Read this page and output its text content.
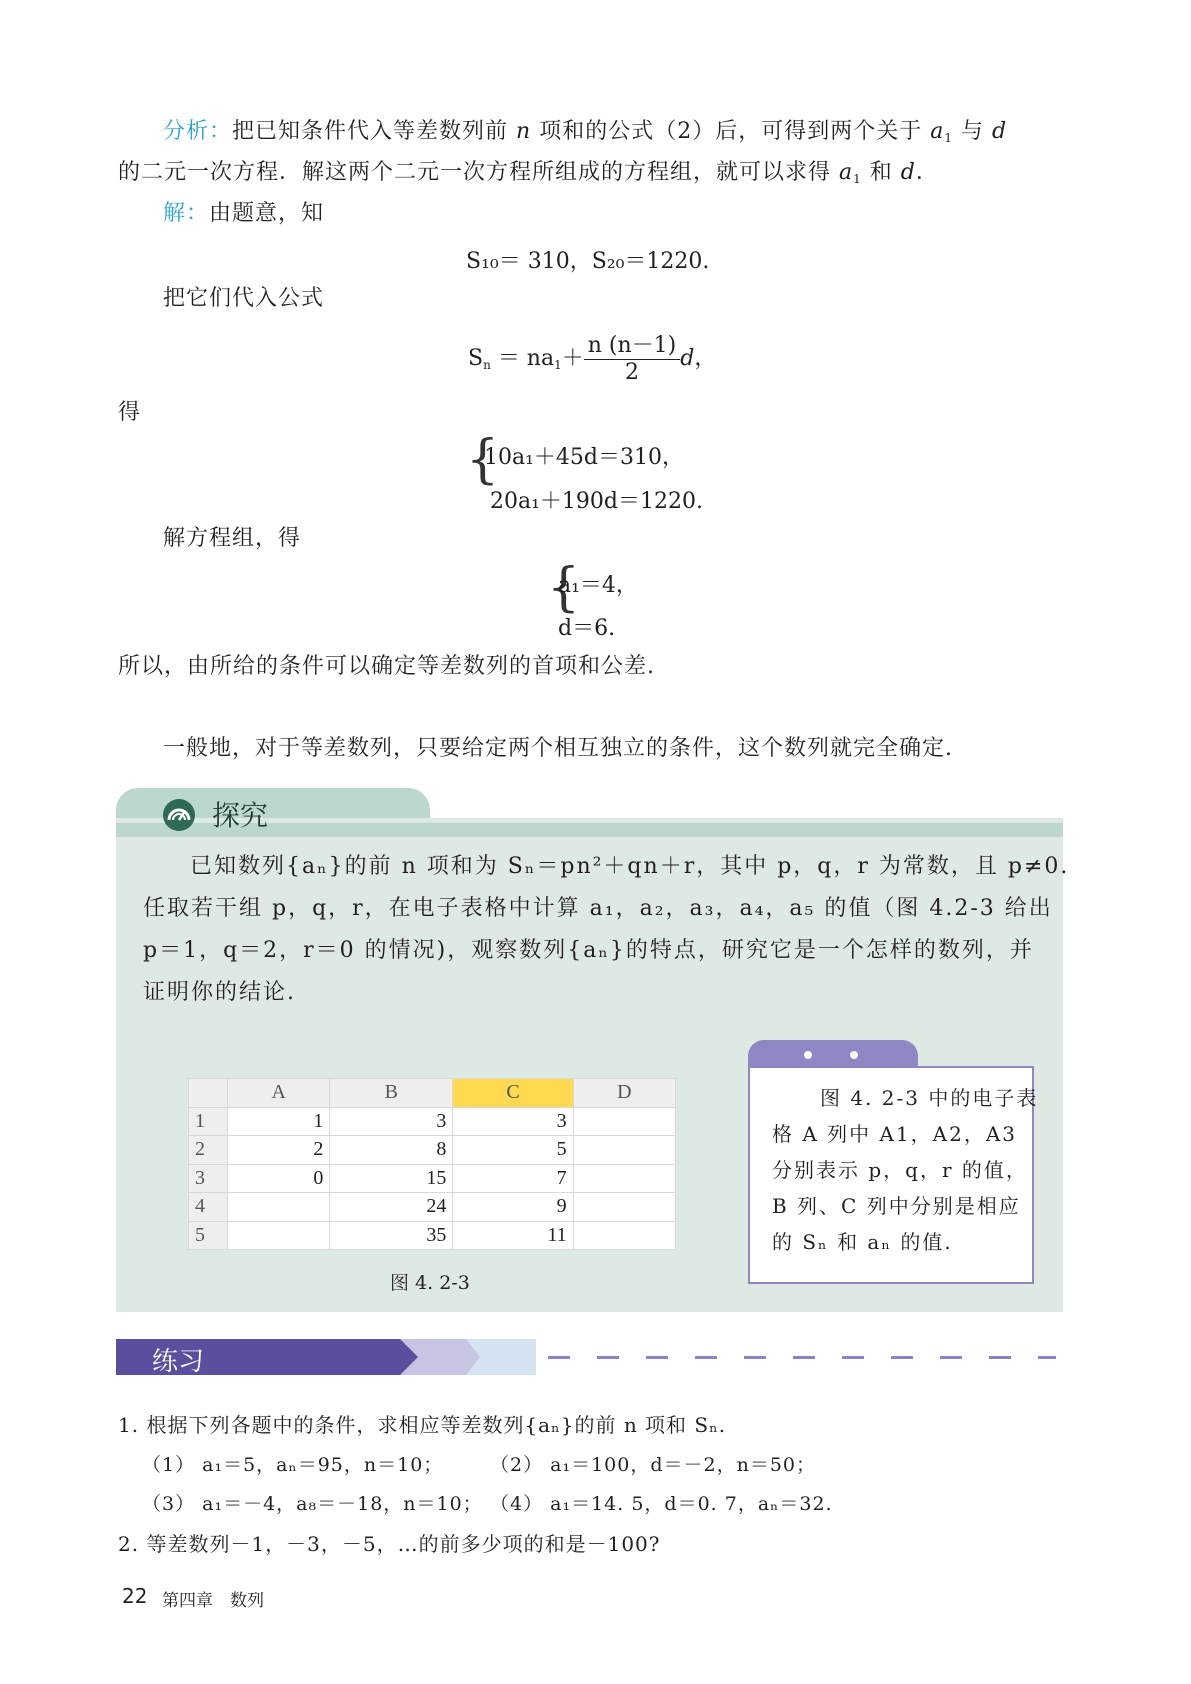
分析：把已知条件代入等差数列前 n 项和的公式（2）后，可得到两个关于 $a_1$ 与 d
的二元一次方程．解这两个二元一次方程所组成的方程组，就可以求得 $a_1$ 和 d．
解：由题意，知
S₁₀＝ 310，S₂₀＝1220.
把它们代入公式
$S_n = na_1+ \frac{n (n-1)}{2}$ d，
得
{
10a₁＋45d＝310，
20a₁＋190d＝1220.
解方程组，得
{
a₁＝4，
d＝6.
所以，由所给的条件可以确定等差数列的首项和公差.
一般地，对于等差数列，只要给定两个相互独立的条件，这个数列就完全确定.
探究
已知数列{aₙ}的前 n 项和为 Sₙ＝pn²＋qn＋r，其中 p，q，r 为常数，且 p≠0.
任取若干组 p，q，r，在电子表格中计算 a₁，a₂，a₃，a₄，a₅ 的值（图 4.2-3 给出
p＝1，q＝2，r＝0 的情况)，观察数列{aₙ}的特点，研究它是一个怎样的数列，并
证明你的结论.
	A	B	C	D
1	1	3	3	
2	2	8	5	
3	0	15	7	
4		24	9	
5		35	11	
图 4. 2-3
图 4. 2-3 中的电子表
格 A 列中 A1，A2，A3
分别表示 p，q，r 的值，
B 列、C 列中分别是相应
的 Sₙ 和 aₙ 的值.
练习
1. 根据下列各题中的条件，求相应等差数列{aₙ}的前 n 项和 Sₙ.
（1） a₁＝5，aₙ＝95，n＝10； （2） a₁＝100，d＝－2，n＝50；
（3） a₁＝－4，a₈＝－18，n＝10； （4） a₁＝14. 5，d＝0. 7，aₙ＝32.
2. 等差数列－1，－3，－5，…的前多少项的和是－100?
22 第四章　数列
